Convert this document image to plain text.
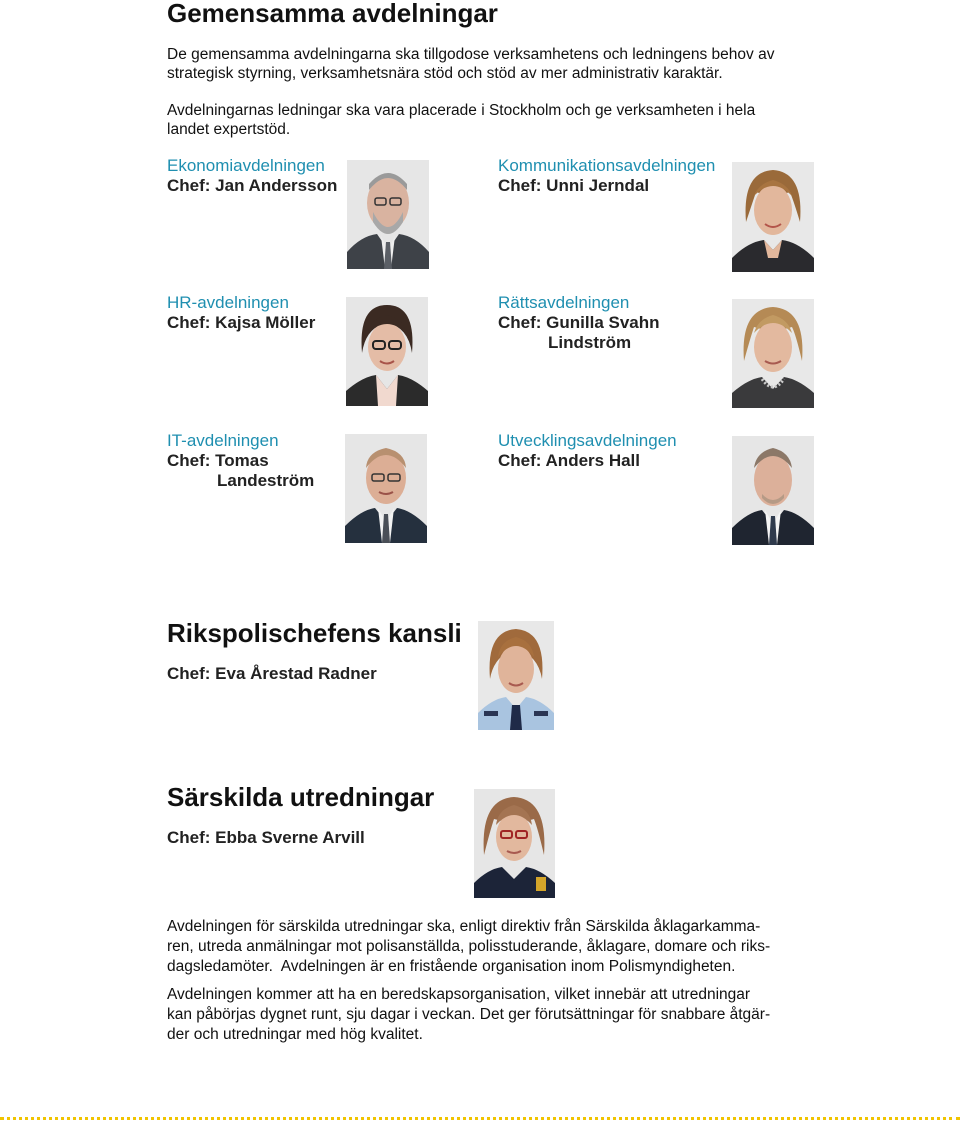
Gemensamma avdelningar
De gemensamma avdelningarna ska tillgodose verksamhetens och ledningens behov av
strategisk styrning, verksamhetsnära stöd och stöd av mer administrativ karaktär.
Avdelningarnas ledningar ska vara placerade i Stockholm och ge verksamheten i hela
landet expertstöd.
Ekonomiavdelningen
Chef: Jan Andersson
Kommunikationsavdelningen
Chef: Unni Jerndal
HR-avdelningen
Chef: Kajsa Möller
Rättsavdelningen
Chef: Gunilla Svahn
Lindström
IT-avdelningen
Chef: Tomas
Landeström
Utvecklingsavdelningen
Chef: Anders Hall
Rikspolischefens kansli
Chef: Eva Årestad Radner
Särskilda utredningar
Chef: Ebba Sverne Arvill
Avdelningen för särskilda utredningar ska, enligt direktiv från Särskilda åklagarkamma-
ren, utreda anmälningar mot polisanställda, polisstuderande, åklagare, domare och riks-
dagsledamöter.  Avdelningen är en fristående organisation inom Polismyndigheten.
Avdelningen kommer att ha en beredskapsorganisation, vilket innebär att utredningar
kan påbörjas dygnet runt, sju dagar i veckan. Det ger förutsättningar för snabbare åtgär-
der och utredningar med hög kvalitet.
